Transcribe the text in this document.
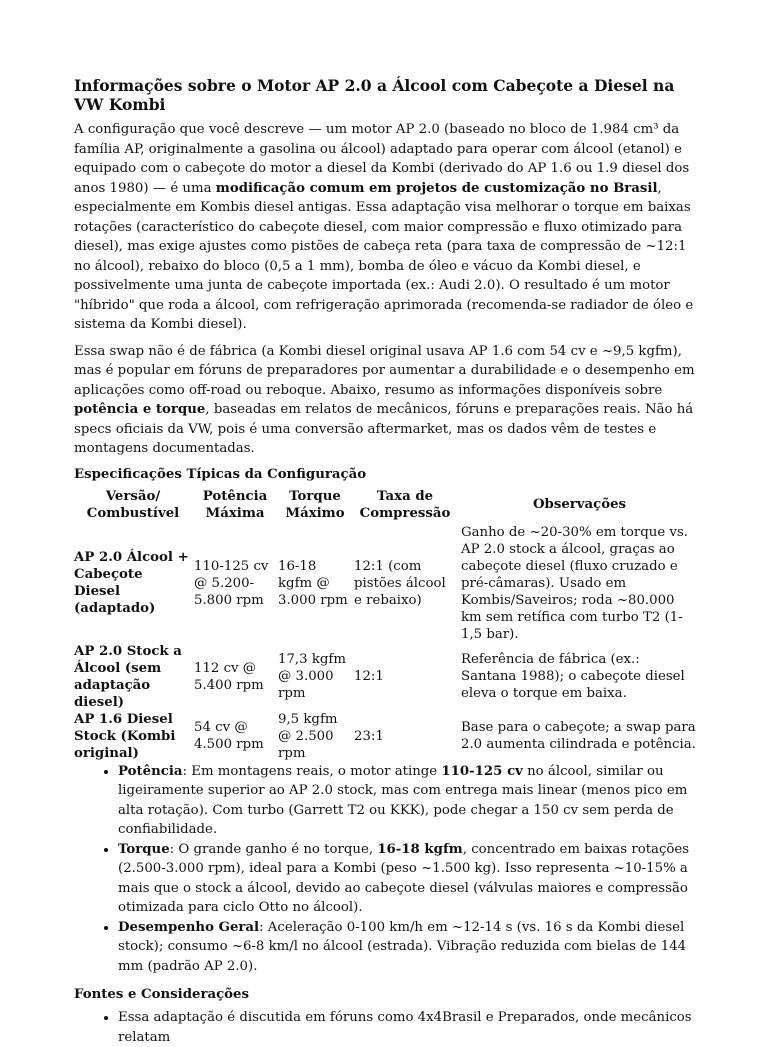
Informações sobre o Motor AP 2.0 a Álcool com Cabeçote a Diesel na VW Kombi

A configuração que você descreve — um motor AP 2.0 (baseado no bloco de 1.984 cm³ da família AP, originalmente a gasolina ou álcool) adaptado para operar com álcool (etanol) e equipado com o cabeçote do motor a diesel da Kombi (derivado do AP 1.6 ou 1.9 diesel dos anos 1980) — é uma modificação comum em projetos de customização no Brasil, especialmente em Kombis diesel antigas. Essa adaptação visa melhorar o torque em baixas rotações (característico do cabeçote diesel, com maior compressão e fluxo otimizado para diesel), mas exige ajustes como pistões de cabeça reta (para taxa de compressão de ~12:1 no álcool), rebaixo do bloco (0,5 a 1 mm), bomba de óleo e vácuo da Kombi diesel, e possivelmente uma junta de cabeçote importada (ex.: Audi 2.0). O resultado é um motor "híbrido" que roda a álcool, com refrigeração aprimorada (recomenda-se radiador de óleo e sistema da Kombi diesel).

Essa swap não é de fábrica (a Kombi diesel original usava AP 1.6 com 54 cv e ~9,5 kgfm), mas é popular em fóruns de preparadores por aumentar a durabilidade e o desempenho em aplicações como off-road ou reboque. Abaixo, resumo as informações disponíveis sobre potência e torque, baseadas em relatos de mecânicos, fóruns e preparações reais. Não há specs oficiais da VW, pois é uma conversão aftermarket, mas os dados vêm de testes e montagens documentadas.

Especificações Típicas da Configuração
Versão/ Combustível	Potência Máxima	Torque Máximo	Taxa de Compressão	Observações
AP 2.0 Álcool + Cabeçote Diesel (adaptado)	110-125 cv @ 5.200-5.800 rpm	16-18 kgfm @ 3.000 rpm	12:1 (com pistões álcool e rebaixo)	Ganho de ~20-30% em torque vs. AP 2.0 stock a álcool, graças ao cabeçote diesel (fluxo cruzado e pré-câmaras). Usado em Kombis/Saveiros; roda ~80.000 km sem retífica com turbo T2 (1-1,5 bar).
AP 2.0 Stock a Álcool (sem adaptação diesel)	112 cv @ 5.400 rpm	17,3 kgfm @ 3.000 rpm	12:1	Referência de fábrica (ex.: Santana 1988); o cabeçote diesel eleva o torque em baixa.
AP 1.6 Diesel Stock (Kombi original)	54 cv @ 4.500 rpm	9,5 kgfm @ 2.500 rpm	23:1	Base para o cabeçote; a swap para 2.0 aumenta cilindrada e potência.
• Potência: Em montagens reais, o motor atinge 110-125 cv no álcool, similar ou ligeiramente superior ao AP 2.0 stock, mas com entrega mais linear (menos pico em alta rotação). Com turbo (Garrett T2 ou KKK), pode chegar a 150 cv sem perda de confiabilidade.
• Torque: O grande ganho é no torque, 16-18 kgfm, concentrado em baixas rotações (2.500-3.000 rpm), ideal para a Kombi (peso ~1.500 kg). Isso representa ~10-15% a mais que o stock a álcool, devido ao cabeçote diesel (válvulas maiores e compressão otimizada para ciclo Otto no álcool).
• Desempenho Geral: Aceleração 0-100 km/h em ~12-14 s (vs. 16 s da Kombi diesel stock); consumo ~6-8 km/l no álcool (estrada). Vibração reduzida com bielas de 144 mm (padrão AP 2.0).
Fontes e Considerações
• Essa adaptação é discutida em fóruns como 4x4Brasil e Preparados, onde mecânicos relatam
